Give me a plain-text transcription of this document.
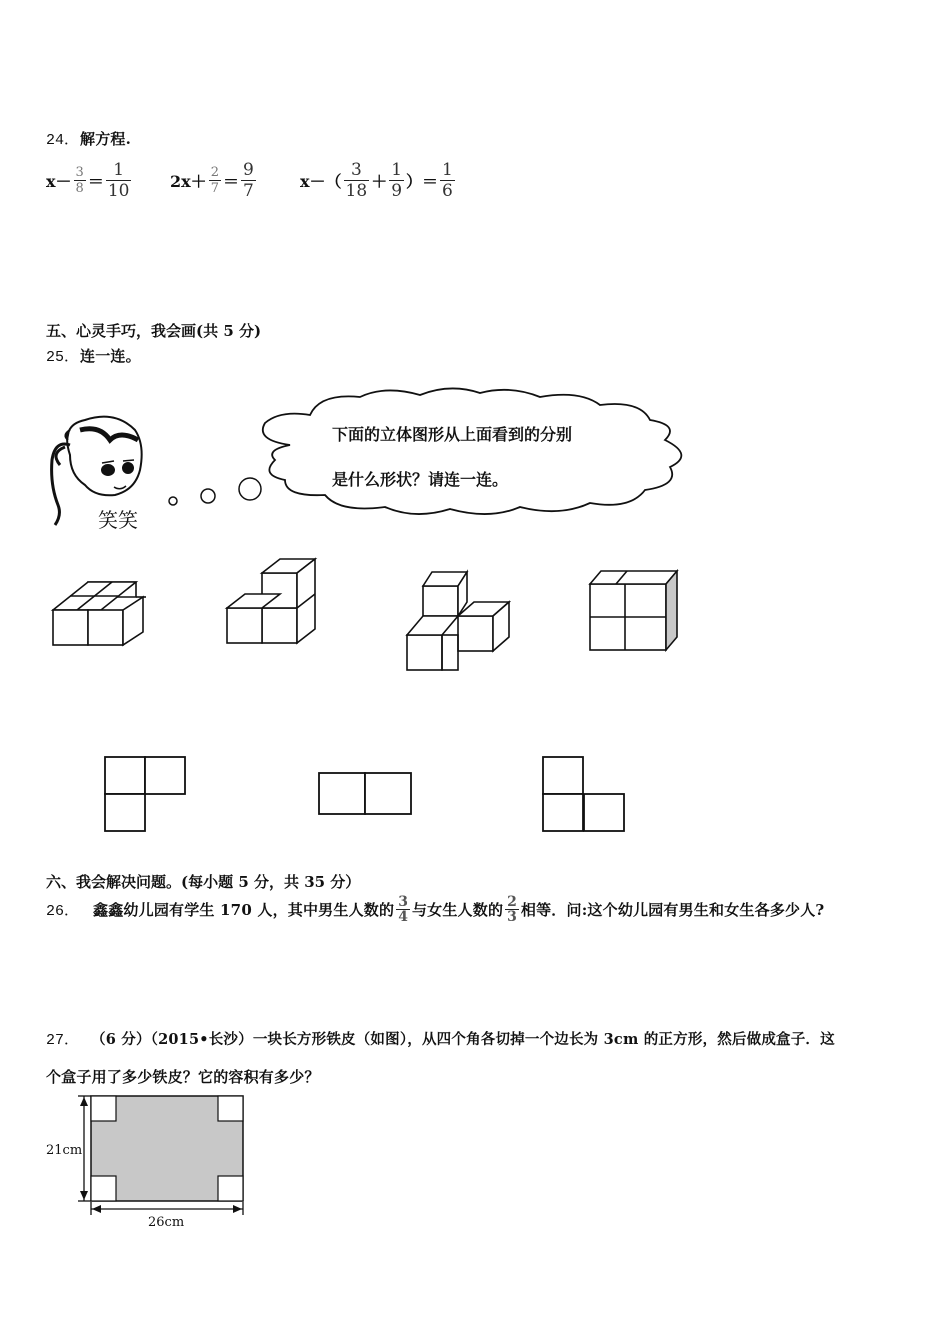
24． 解方程.
$x- \frac{3}{8} = \frac{1}{10} 2x+ \frac{2}{7} = \frac{9}{7}$	$x-( \frac{3}{18} + \frac{1}{9}$ ）＝ $\frac{1}{6}$
五、心灵手巧，我会画(共 5 分)
25． 连一连。
笑笑
下面的立体图形从上面看到的分别
是什么形状？请连一连。
六、我会解决问题。(每小题 5 分，共 35 分）
26． 鑫鑫幼儿园有学生 170 人，其中男生人数的 $\frac{3}{4}$ 与女生人数的 $\frac{2}{3}$ 相等．问:这个幼儿园有男生和女生各多少人?
27． （6 分）（2015•长沙）一块长方形铁皮（如图），从四个角各切掉一个边长为 3cm 的正方形，然后做成盒子．这
个盒子用了多少铁皮？它的容积有多少？
21cm
26cm
